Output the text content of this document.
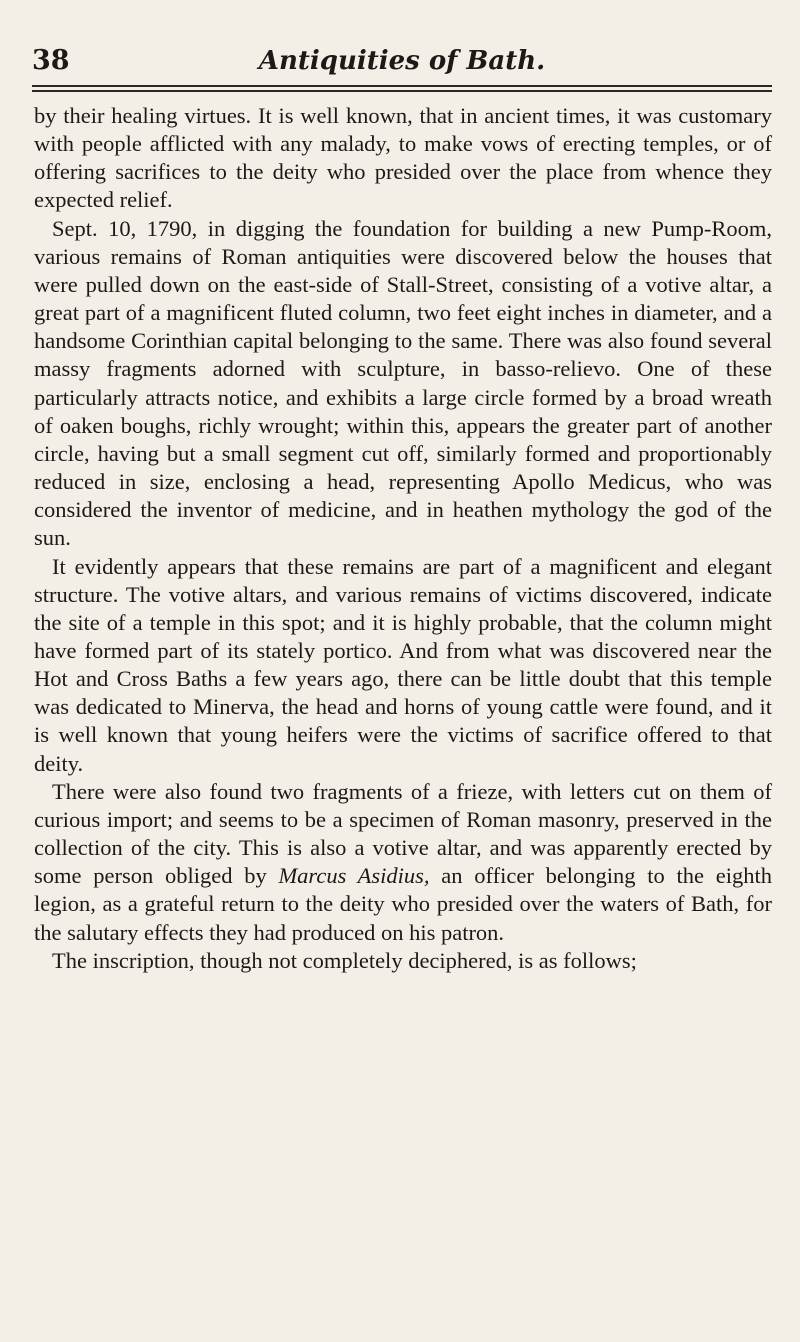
38	Antiquities of Bath.

by their healing virtues. It is well known, that in ancient times, it was customary with people afflicted with any malady, to make vows of erecting temples, or of offering sacrifices to the deity who presided over the place from whence they expected relief.

Sept. 10, 1790, in digging the foundation for building a new Pump-Room, various remains of Roman antiquities were discovered below the houses that were pulled down on the east-side of Stall-Street, consisting of a votive altar, a great part of a magnificent fluted column, two feet eight inches in diameter, and a handsome Corinthian capital belonging to the same. There was also found several massy fragments adorned with sculpture, in basso-relievo. One of these particularly attracts notice, and exhibits a large circle formed by a broad wreath of oaken boughs, richly wrought; within this, appears the greater part of another circle, having but a small segment cut off, similarly formed and proportionably reduced in size, enclosing a head, representing Apollo Medicus, who was considered the inventor of medicine, and in heathen mythology the god of the sun.

It evidently appears that these remains are part of a magnificent and elegant structure. The votive altars, and various remains of victims discovered, indicate the site of a temple in this spot; and it is highly probable, that the column might have formed part of its stately portico. And from what was discovered near the Hot and Cross Baths a few years ago, there can be little doubt that this temple was dedicated to Minerva, the head and horns of young cattle were found, and it is well known that young heifers were the victims of sacrifice offered to that deity.

There were also found two fragments of a frieze, with letters cut on them of curious import; and seems to be a specimen of Roman masonry, preserved in the collection of the city. This is also a votive altar, and was apparently erected by some person obliged by Marcus Asidius, an officer belonging to the eighth legion, as a grateful return to the deity who presided over the waters of Bath, for the salutary effects they had produced on his patron.

The inscription, though not completely deciphered, is as follows;
